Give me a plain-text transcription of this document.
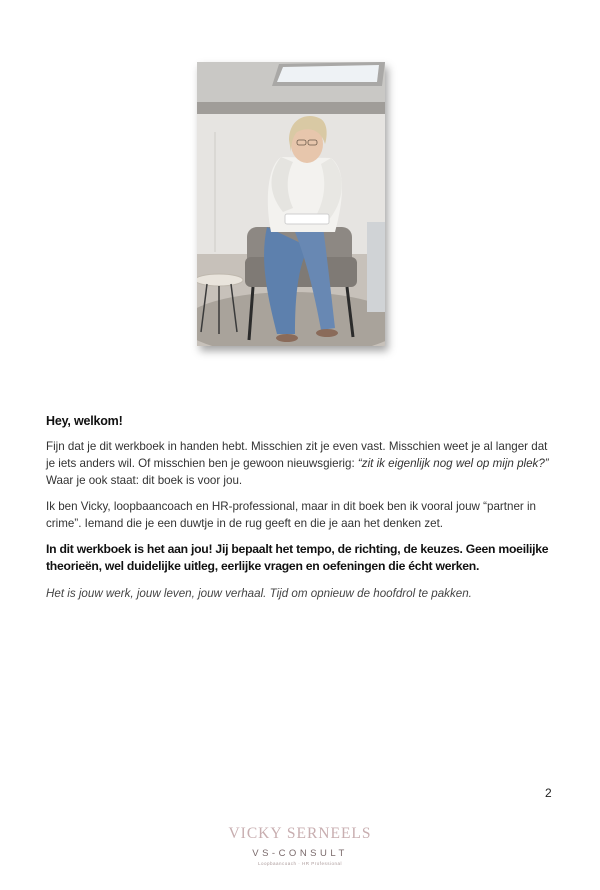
Hey, welkom!

Fijn dat je dit werkboek in handen hebt. Misschien zit je even vast. Misschien weet je al langer dat je iets anders wil. Of misschien ben je gewoon nieuwsgierig: “zit ik eigenlijk nog wel op mijn plek?” Waar je ook staat: dit boek is voor jou.

Ik ben Vicky, loopbaancoach en HR-professional, maar in dit boek ben ik vooral jouw “partner in crime”. Iemand die je een duwtje in de rug geeft en die je aan het denken zet.

In dit werkboek is het aan jou! Jij bepaalt het tempo, de richting, de keuzes. Geen moeilijke theorieën, wel duidelijke uitleg, eerlijke vragen en oefeningen die écht werken.

Het is jouw werk, jouw leven, jouw verhaal. Tijd om opnieuw de hoofdrol te pakken.

2
VICKY SERNEELS
VS-CONSULT
Loopbaancoach · HR Professional
